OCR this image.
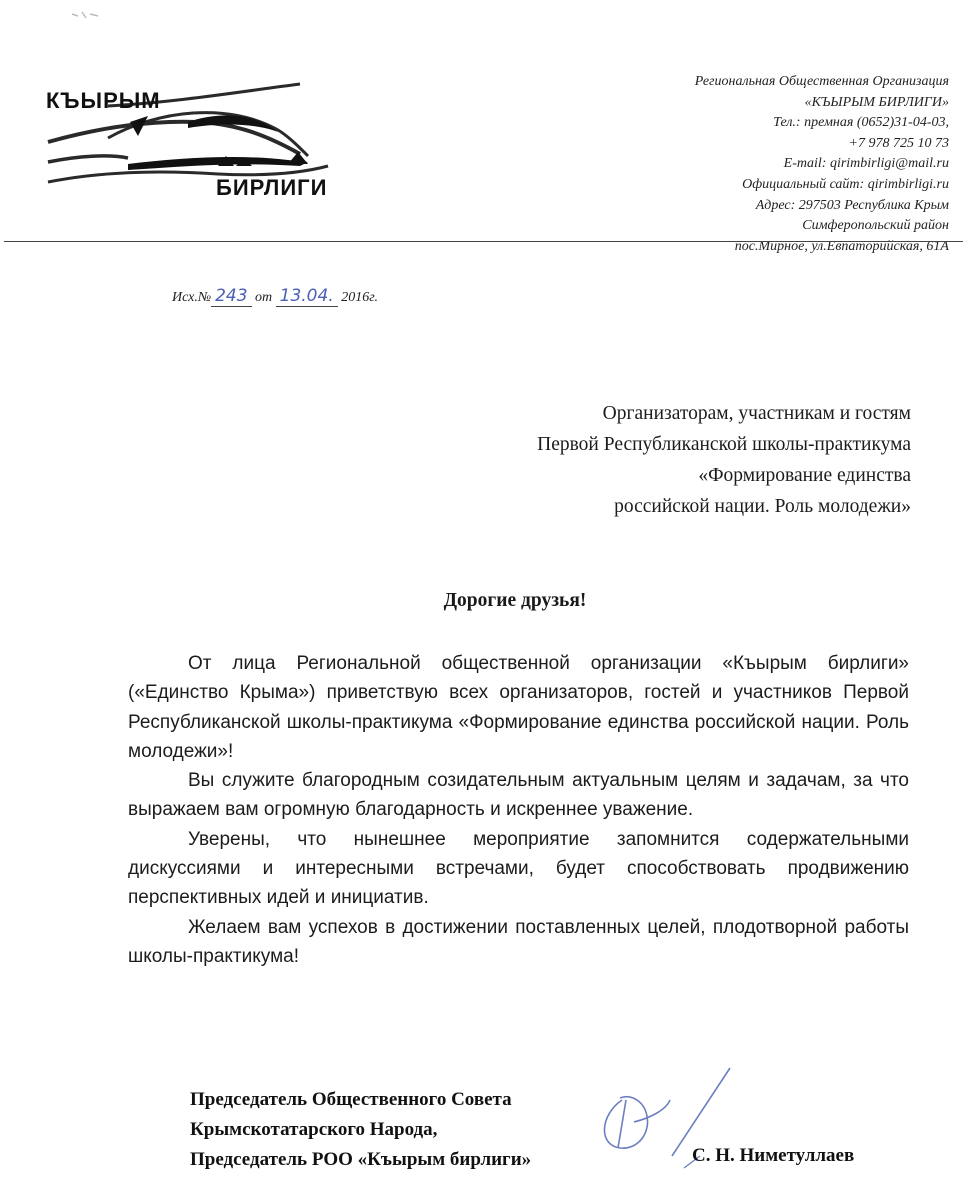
КЪЫРЫМ
БИРЛИГИ
Региональная Общественная Организация
«КЪЫРЫМ БИРЛИГИ»
Тел.: премная (0652)31-04-03,
+7 978 725 10 73
E-mail: qirimbirligi@mail.ru
Официальный сайт: qirimbirligi.ru
Адрес: 297503 Республика Крым
Симферопольский район
пос.Мирное, ул.Евпаторийская, 61А
Исх.№ 243 от 13.04. 2016г.
Организаторам, участникам и гостям
Первой Республиканской школы-практикума
«Формирование единства
российской нации. Роль молодежи»
Дорогие друзья!

От лица Региональной общественной организации «Къырым бирлиги» («Единство Крыма») приветствую всех организаторов, гостей и участников Первой Республиканской школы-практикума «Формирование единства российской нации. Роль молодежи»!

Вы служите благородным созидательным актуальным целям и задачам, за что выражаем вам огромную благодарность и искреннее уважение.

Уверены, что нынешнее мероприятие запомнится содержательными дискуссиями и интересными встречами, будет способствовать продвижению перспективных идей и инициатив.

Желаем вам успехов в достижении поставленных целей, плодотворной работы школы-практикума!

Председатель Общественного Совета
Крымскотатарского Народа,
Председатель РОО «Къырым бирлиги»	С. Н. Ниметуллаев
